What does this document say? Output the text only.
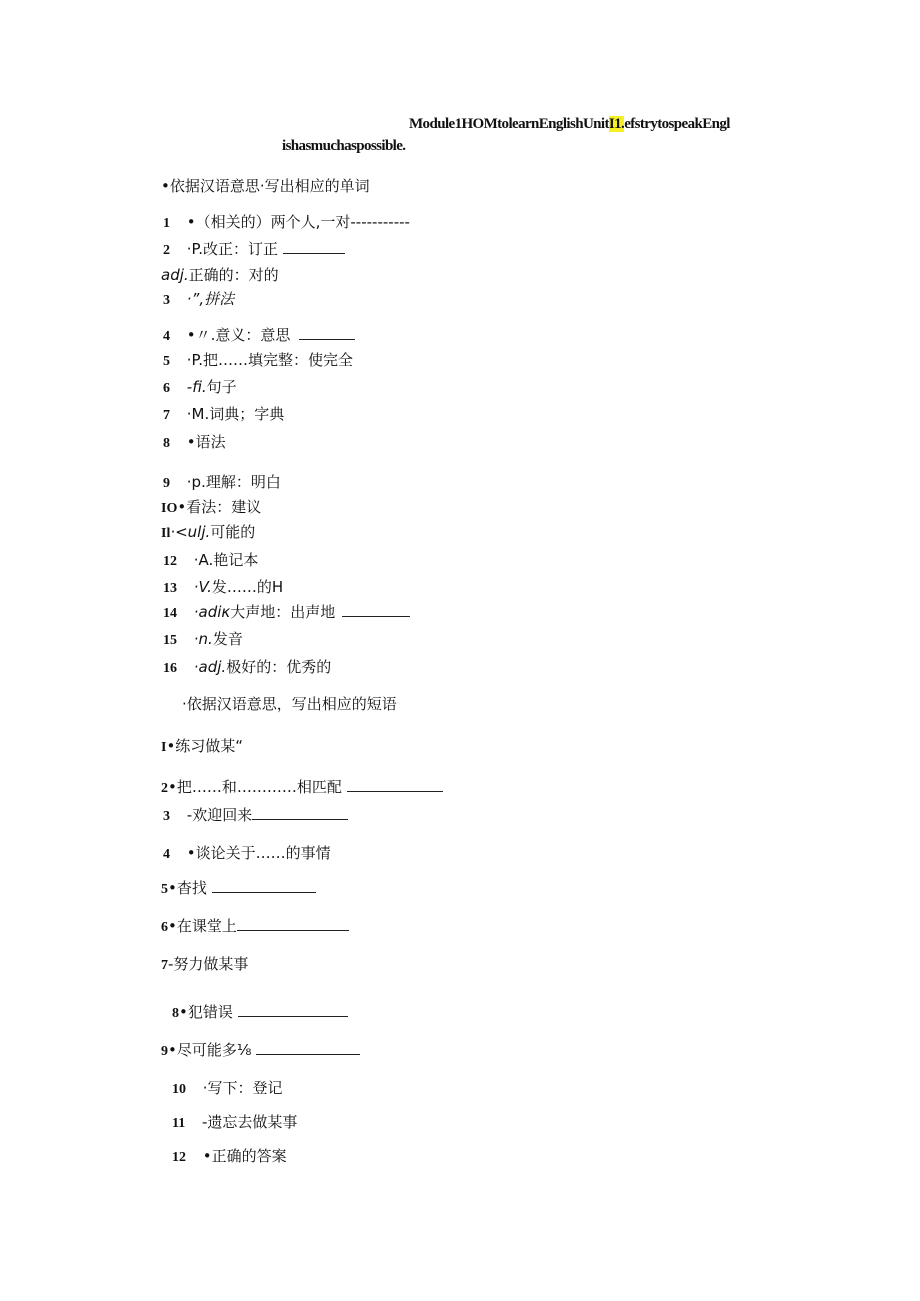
Module1HOMtolearnEnglishUnitI1.efstrytospeakEngl
ishasmuchaspossible.
•依据汉语意思·写出相应的单词
1 •（相关的）两个人,一对-----------
2 ·P.改正：订正
adj.正确的：对的
3 ·”,拼法
4 •〃.意义：意思
5 ·P.把……填完整：使完全
6 -fi.句子
7 ·M.词典；字典
8 •语法
9 ·p.理解：明白
IO•看法：建议
Il·<ulj.可能的
12 ·A.艳记本
13 ·V.发……的H
14 ·adiκ大声地：出声地
15 ·n.发音
16 ·adj.极好的：优秀的
·依据汉语意思，写出相应的短语
I•练习做某“
2•把……和…………相匹配
3 -欢迎回来
4 •谈论关于……的事情
5•杳找
6•在课堂上
7-努力做某事
8•犯错误
9•尽可能多⅛
10 ·写下：登记
11 -遗忘去做某事
12 •正确的答案
